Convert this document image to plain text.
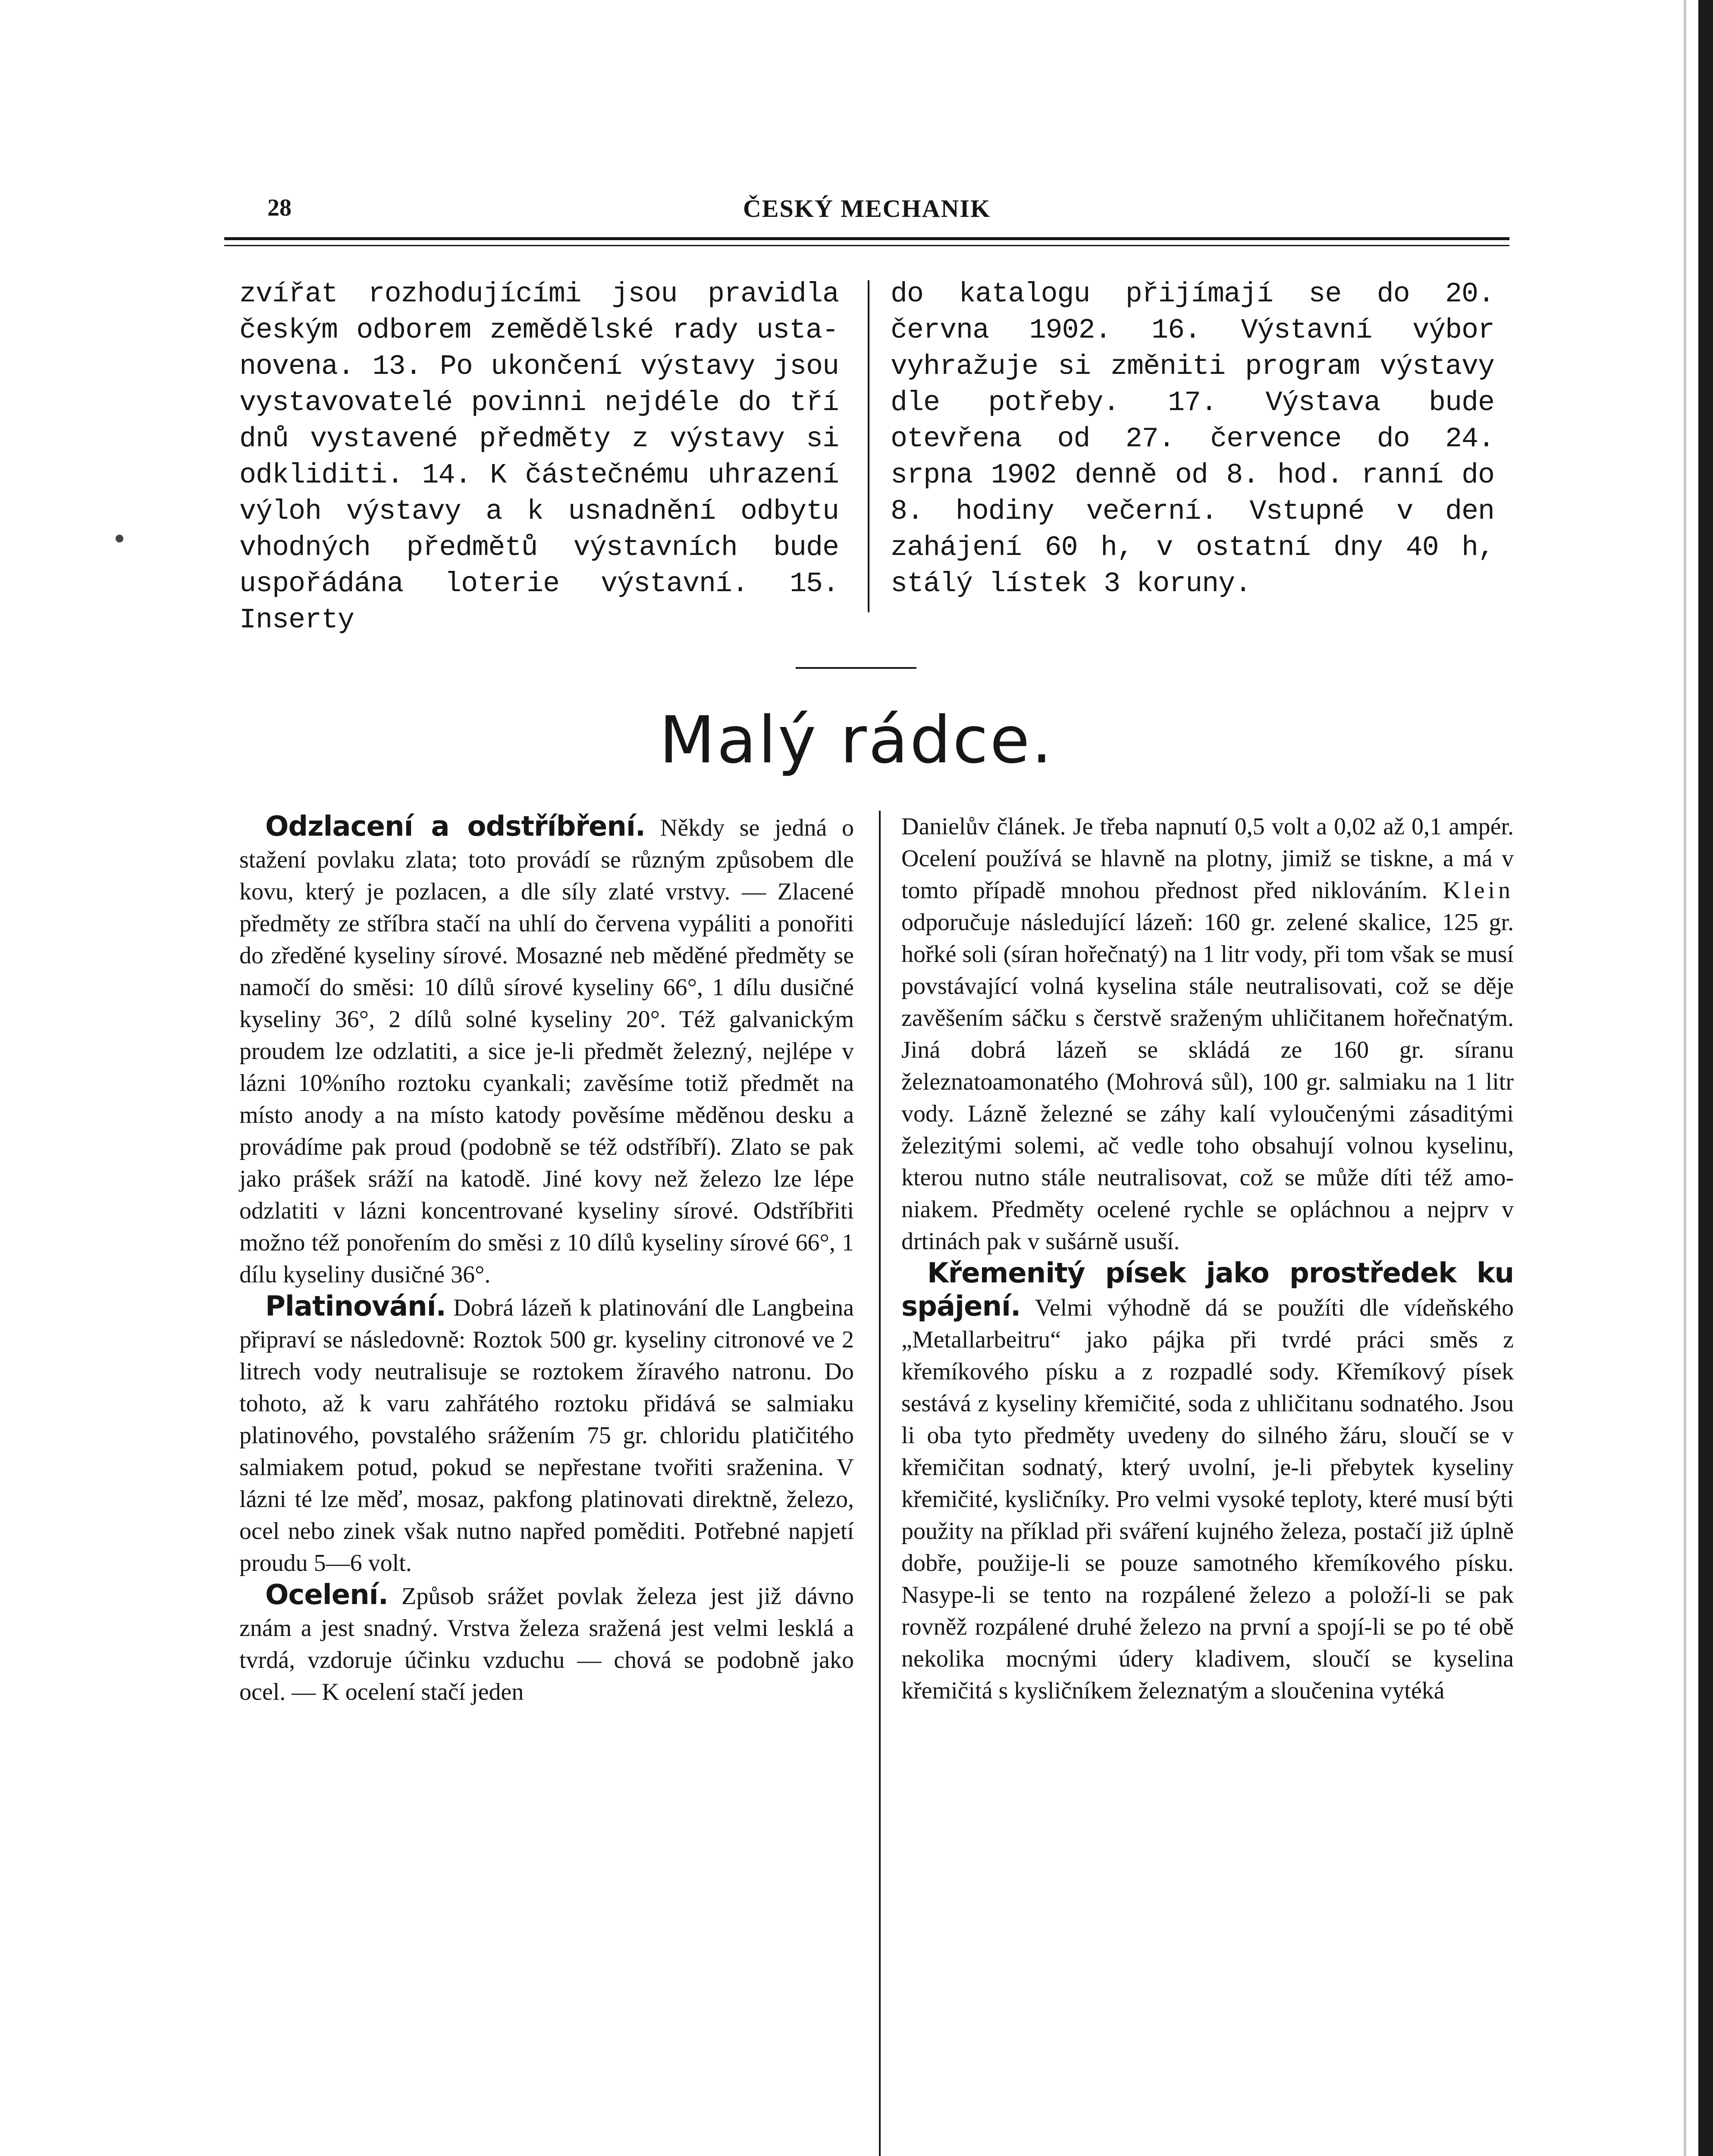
28	ČESKÝ MECHANIK

zvířat rozhodujícími jsou pravidla českým odborem zemědělské rady ustanovena. 13. Po ukončení výstavy jsou vystavovatelé povinni nejdéle do tří dnů vystavené předměty z výstavy si odkliditi. 14. K částečnému uhrazení výloh výstavy a k usnadnění odbytu vhodných předmětů výstavních bude uspořádána loterie výstavní. 15. Inserty

do katalogu přijímají se do 20. června 1902. 16. Výstavní výbor vyhražuje si změniti program výstavy dle potřeby. 17. Výstava bude otevřena od 27. července do 24. srpna 1902 denně od 8. hod. ranní do 8. hodiny večerní. Vstupné v den zahájení 60 h, v ostatní dny 40 h, stálý lístek 3 koruny.

Malý rádce.

Odzlacení a odstříbření. Někdy se jedná o stažení povlaku zlata; toto provádí se různým způsobem dle kovu, který je pozlacen, a dle síly zlaté vrstvy. — Zlacené předměty ze stříbra stačí na uhlí do červena vypáliti a ponořiti do zředěné kyseliny sírové. Mosazné neb měděné předměty se namočí do směsi: 10 dílů sírové kyseliny 66°, 1 dílu dusičné kyseliny 36°, 2 dílů solné kyseliny 20°. Též galvanickým proudem lze odzlatiti, a sice je-li předmět železný, nejlépe v lázni 10%ního roztoku cyankali; zavěsíme totiž předmět na místo anody a na místo katody pověsíme měděnou desku a provádíme pak proud (podobně se též odstříbří). Zlato se pak jako prášek sráží na katodě. Jiné kovy než železo lze lépe odzlatiti v lázni koncentrované kyseliny sírové. Odstříbřiti možno též ponořením do směsi z 10 dílů kyseliny sírové 66°, 1 dílu kyseliny dusičné 36°.

Platinování. Dobrá lázeň k platinování dle Langbeina připraví se následovně: Roztok 500 gr. kyseliny citronové ve 2 litrech vody neutralisuje se roztokem žíravého natronu. Do tohoto, až k varu zahřátého roztoku přidává se salmiaku platinového, povstalého srážením 75 gr. chloridu platičitého salmiakem potud, pokud se nepřestane tvořiti sraženina. V lázni té lze měď, mosaz, pakfong platinovati direktně, železo, ocel nebo zinek však nutno napřed poměditi. Potřebné napjetí proudu 5—6 volt.

Ocelení. Způsob srážet povlak železa jest již dávno znám a jest snadný. Vrstva železa sražená jest velmi lesklá a tvrdá, vzdoruje účinku vzduchu — chová se podobně jako ocel. — K ocelení stačí jeden

Danielův článek. Je třeba napnutí 0,5 volt a 0,02 až 0,1 ampér. Ocelení používá se hlavně na plotny, jimiž se tiskne, a má v tomto případě mnohou přednost před niklováním. Klein odporučuje následující lázeň: 160 gr. zelené skalice, 125 gr. hořké soli (síran hořečnatý) na 1 litr vody, při tom však se musí povstávající volná kyselina stále neutralisovati, což se děje zavěšením sáčku s čerstvě sraženým uhličitanem hořečnatým. Jiná dobrá lázeň se skládá ze 160 gr. síranu železnatoamonatého (Mohrová sůl), 100 gr. salmiaku na 1 litr vody. Lázně železné se záhy kalí vyloučenými zásaditými železitými solemi, ač vedle toho obsahují volnou kyselinu, kterou nutno stále neutralisovat, což se může díti též amoniakem. Předměty ocelené rychle se opláchnou a nejprv v drtinách pak v sušárně usuší.

Křemenitý písek jako prostředek ku spájení. Velmi výhodně dá se použíti dle vídeňského „Metallarbeitru“ jako pájka při tvrdé práci směs z křemíkového písku a z rozpadlé sody. Křemíkový písek sestává z kyseliny křemičité, soda z uhličitanu sodnatého. Jsou li oba tyto předměty uvedeny do silného žáru, sloučí se v křemičitan sodnatý, který uvolní, je-li přebytek kyseliny křemičité, kysličníky. Pro velmi vysoké teploty, které musí býti použity na příklad při sváření kujného železa, postačí již úplně dobře, použije-li se pouze samotného křemíkového písku. Nasype-li se tento na rozpálené železo a položí-li se pak rovněž rozpálené druhé železo na první a spojí-li se po té obě nekolika mocnými údery kladivem, sloučí se kyselina křemičitá s kysličníkem železnatým a sloučenina vytéká
